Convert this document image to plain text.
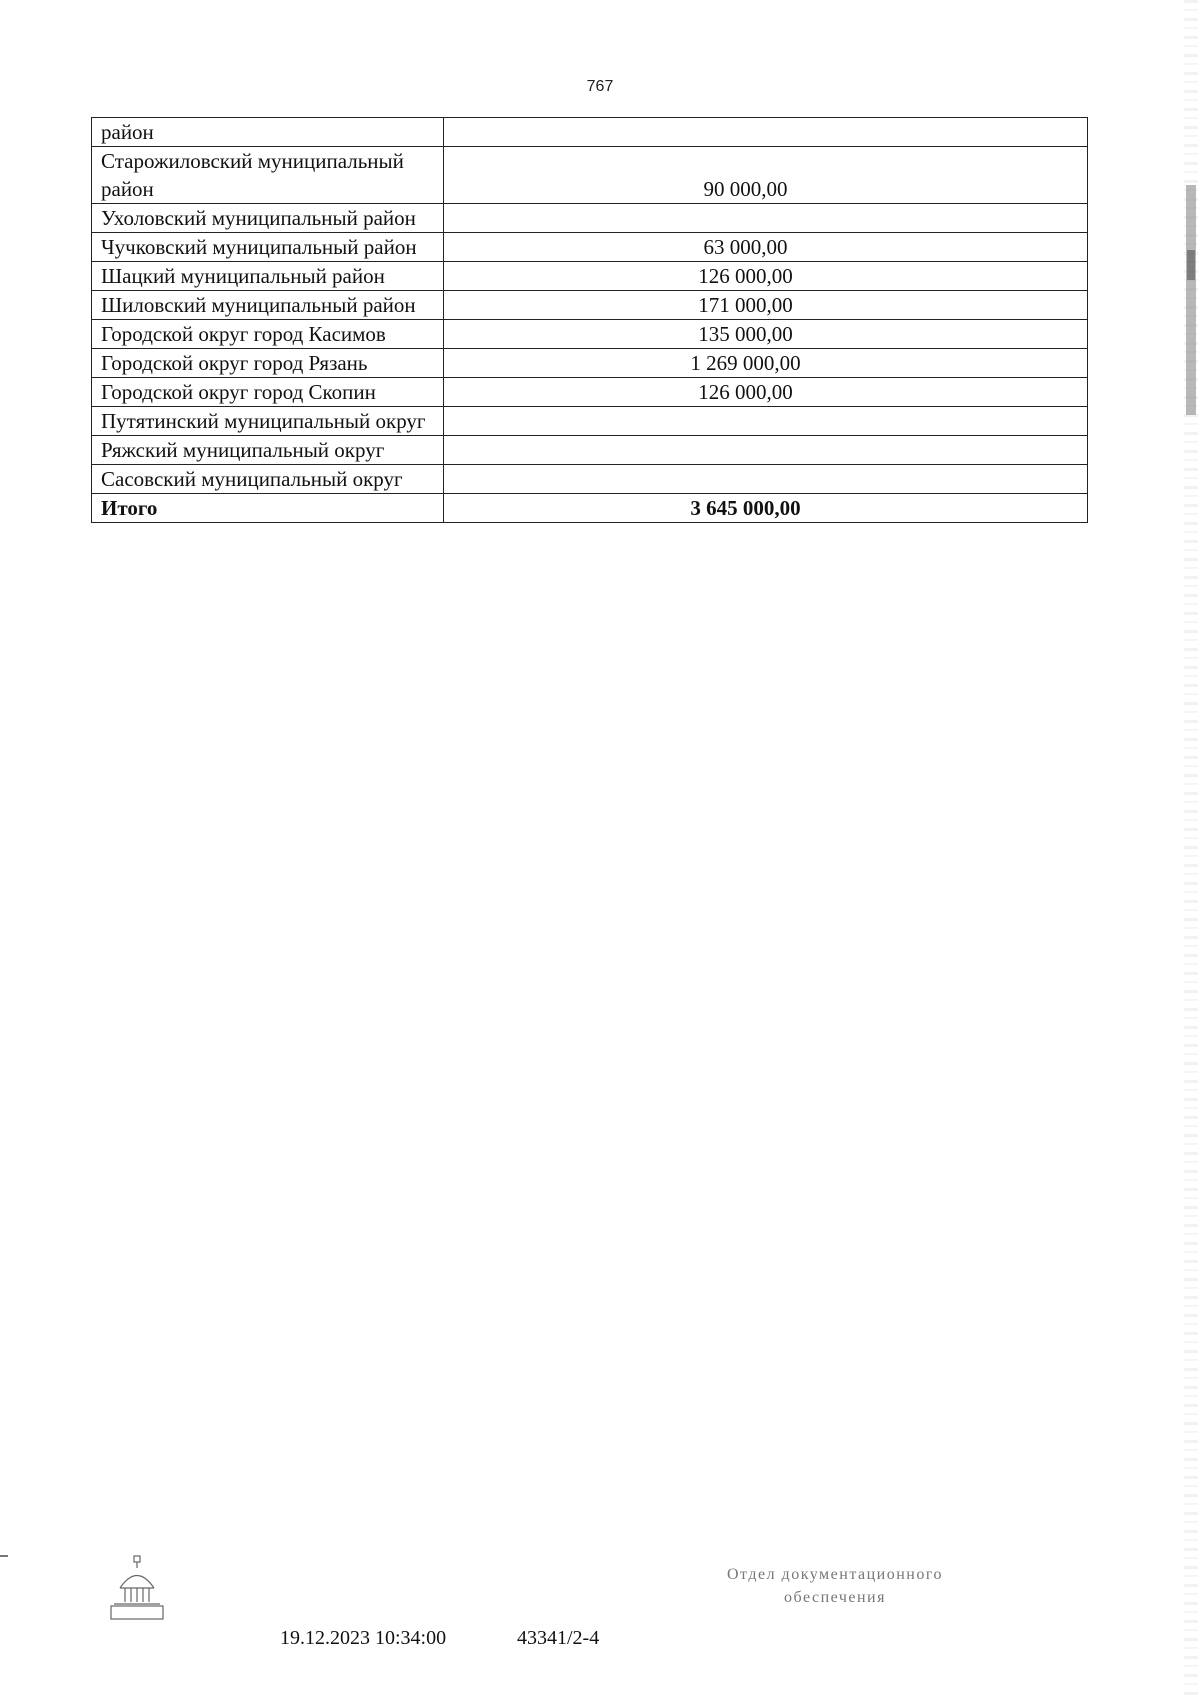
767
район	
Старожиловский муниципальный район	90 000,00
Ухоловский муниципальный район	
Чучковский муниципальный район	63 000,00
Шацкий муниципальный район	126 000,00
Шиловский муниципальный район	171 000,00
Городской округ город Касимов	135 000,00
Городской округ город Рязань	1 269 000,00
Городской округ город Скопин	126 000,00
Путятинский муниципальный округ	
Ряжский муниципальный округ	
Сасовский муниципальный округ	
Итого	3 645 000,00
19.12.2023 10:34:00	43341/2-4
Отдел документационного
обеспечения
